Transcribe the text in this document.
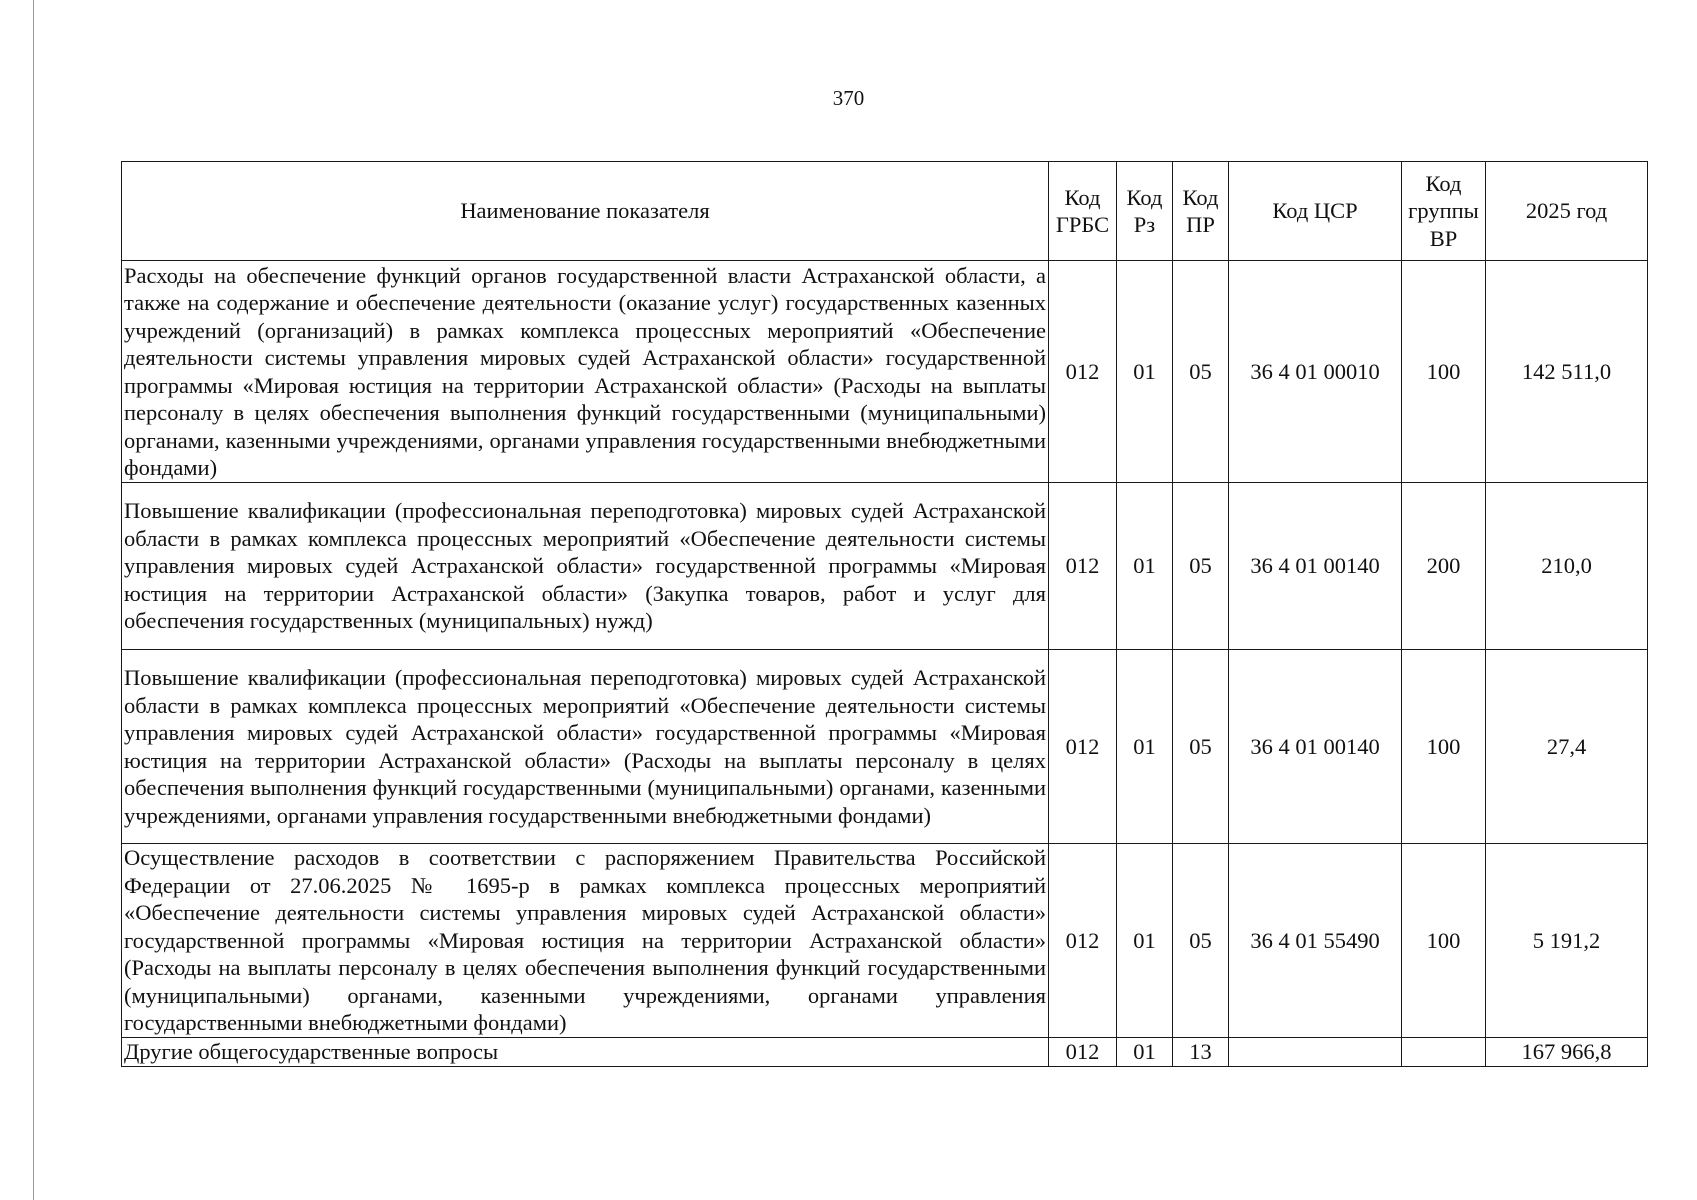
370
Наименование показателя	Код ГРБС	Код Рз	Код ПР	Код ЦСР	Код группы ВР	2025 год
Расходы на обеспечение функций органов государственной власти Астраханской области, а также на содержание и обеспечение деятельности (оказание услуг) государственных казенных учреждений (организаций) в рамках комплекса процессных мероприятий «Обеспечение деятельности системы управления мировых судей Астраханской области» государственной программы «Мировая юстиция на территории Астраханской области» (Расходы на выплаты персоналу в целях обеспечения выполнения функций государственными (муниципальными) органами, казенными учреждениями, органами управления государственными внебюджетными фондами)	012	01	05	36 4 01 00010	100	142 511,0
Повышение квалификации (профессиональная переподготовка) мировых судей Астраханской области в рамках комплекса процессных мероприятий «Обеспечение деятельности системы управления мировых судей Астраханской области» государственной программы «Мировая юстиция на территории Астраханской области» (Закупка товаров, работ и услуг для обеспечения государственных (муниципальных) нужд)	012	01	05	36 4 01 00140	200	210,0
Повышение квалификации (профессиональная переподготовка) мировых судей Астраханской области в рамках комплекса процессных мероприятий «Обеспечение деятельности системы управления мировых судей Астраханской области» государственной программы «Мировая юстиция на территории Астраханской области» (Расходы на выплаты персоналу в целях обеспечения выполнения функций государственными (муниципальными) органами, казенными учреждениями, органами управления государственными внебюджетными фондами)	012	01	05	36 4 01 00140	100	27,4
Осуществление расходов в соответствии с распоряжением Правительства Российской Федерации от 27.06.2025 № 1695-р в рамках комплекса процессных мероприятий «Обеспечение деятельности системы управления мировых судей Астраханской области» государственной программы «Мировая юстиция на территории Астраханской области» (Расходы на выплаты персоналу в целях обеспечения выполнения функций государственными (муниципальными) органами, казенными учреждениями, органами управления государственными внебюджетными фондами)	012	01	05	36 4 01 55490	100	5 191,2
Другие общегосударственные вопросы	012	01	13			167 966,8
